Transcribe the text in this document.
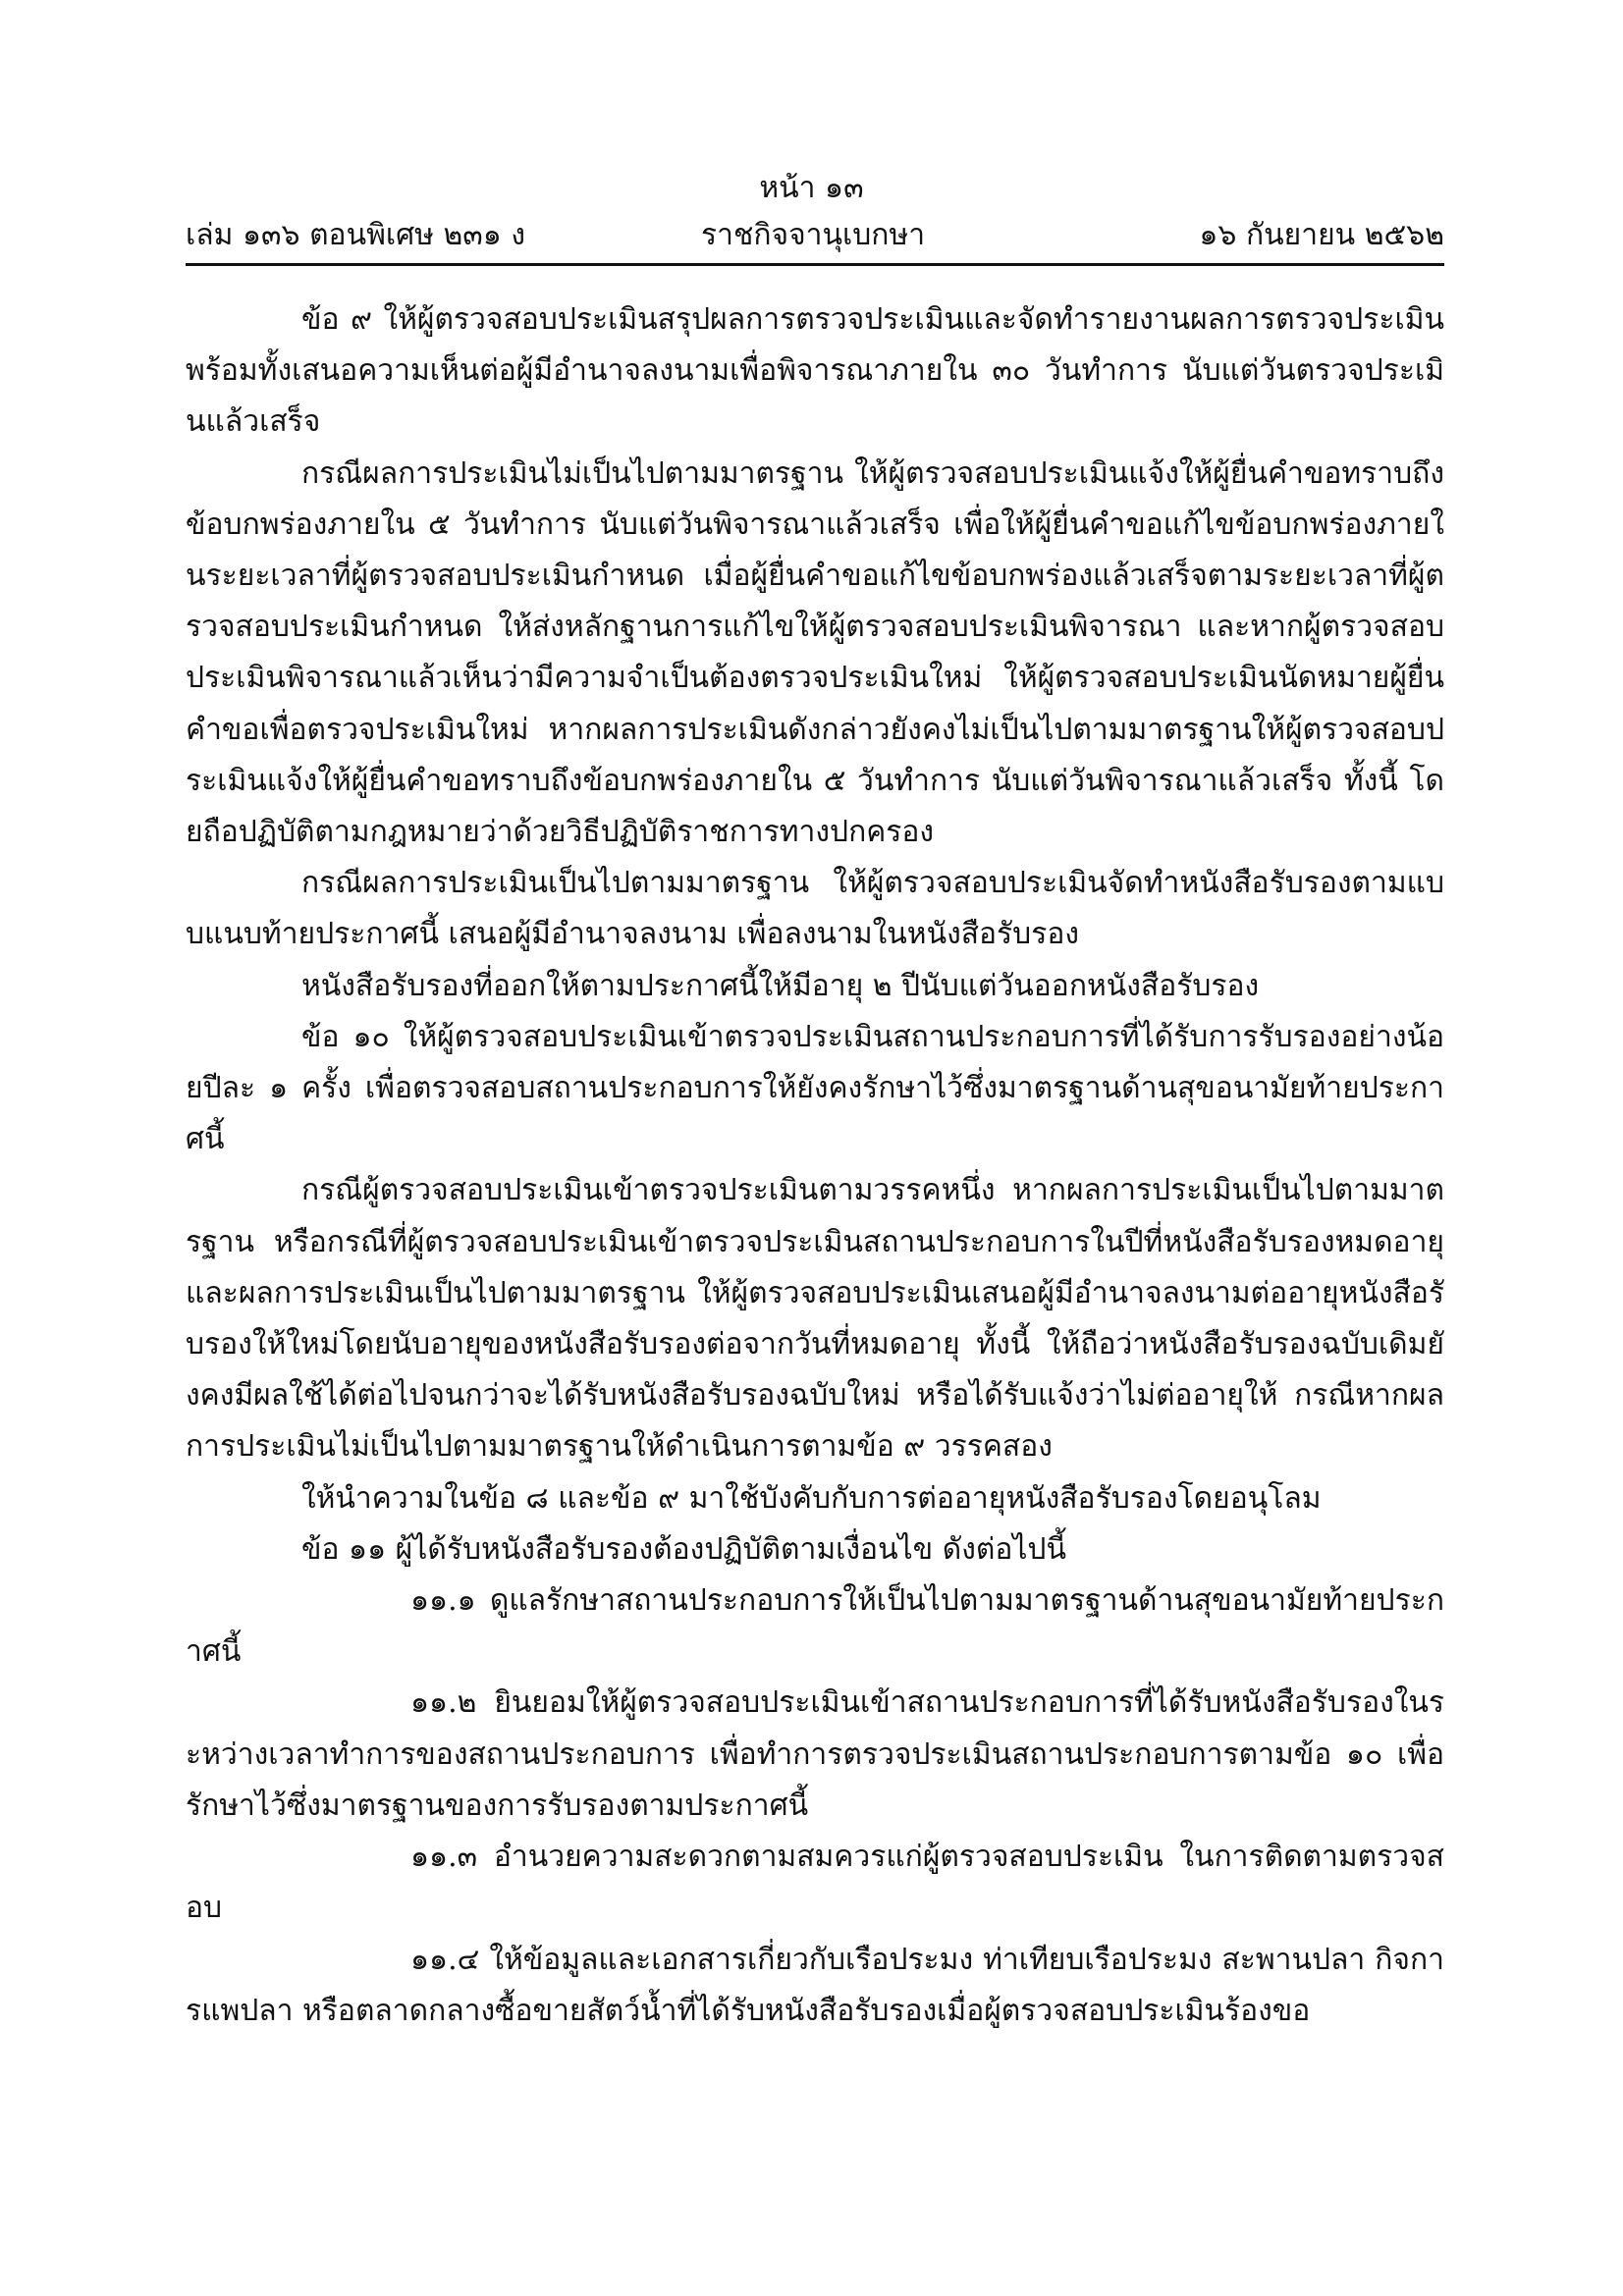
หน้า ๑๓
เล่ม ๑๓๖ ตอนพิเศษ ๒๓๑ ง	ราชกิจจานุเบกษา	๑๖ กันยายน ๒๕๖๒

ข้อ ๙ ให้ผู้ตรวจสอบประเมินสรุปผลการตรวจประเมินและจัดทำรายงานผลการตรวจประเมิน พร้อมทั้งเสนอความเห็นต่อผู้มีอำนาจลงนามเพื่อพิจารณาภายใน ๓๐ วันทำการ นับแต่วันตรวจประเมินแล้วเสร็จ

กรณีผลการประเมินไม่เป็นไปตามมาตรฐาน ให้ผู้ตรวจสอบประเมินแจ้งให้ผู้ยื่นคำขอทราบถึงข้อบกพร่องภายใน ๕ วันทำการ นับแต่วันพิจารณาแล้วเสร็จ เพื่อให้ผู้ยื่นคำขอแก้ไขข้อบกพร่องภายในระยะเวลาที่ผู้ตรวจสอบประเมินกำหนด เมื่อผู้ยื่นคำขอแก้ไขข้อบกพร่องแล้วเสร็จตามระยะเวลาที่ผู้ตรวจสอบประเมินกำหนด ให้ส่งหลักฐานการแก้ไขให้ผู้ตรวจสอบประเมินพิจารณา และหากผู้ตรวจสอบประเมินพิจารณาแล้วเห็นว่ามีความจำเป็นต้องตรวจประเมินใหม่ ให้ผู้ตรวจสอบประเมินนัดหมายผู้ยื่นคำขอเพื่อตรวจประเมินใหม่ หากผลการประเมินดังกล่าวยังคงไม่เป็นไปตามมาตรฐานให้ผู้ตรวจสอบประเมินแจ้งให้ผู้ยื่นคำขอทราบถึงข้อบกพร่องภายใน ๕ วันทำการ นับแต่วันพิจารณาแล้วเสร็จ ทั้งนี้ โดยถือปฏิบัติตามกฎหมายว่าด้วยวิธีปฏิบัติราชการทางปกครอง

กรณีผลการประเมินเป็นไปตามมาตรฐาน ให้ผู้ตรวจสอบประเมินจัดทำหนังสือรับรองตามแบบแนบท้ายประกาศนี้ เสนอผู้มีอำนาจลงนาม เพื่อลงนามในหนังสือรับรอง

หนังสือรับรองที่ออกให้ตามประกาศนี้ให้มีอายุ ๒ ปีนับแต่วันออกหนังสือรับรอง

ข้อ ๑๐ ให้ผู้ตรวจสอบประเมินเข้าตรวจประเมินสถานประกอบการที่ได้รับการรับรองอย่างน้อยปีละ ๑ ครั้ง เพื่อตรวจสอบสถานประกอบการให้ยังคงรักษาไว้ซึ่งมาตรฐานด้านสุขอนามัยท้ายประกาศนี้

กรณีผู้ตรวจสอบประเมินเข้าตรวจประเมินตามวรรคหนึ่ง หากผลการประเมินเป็นไปตามมาตรฐาน หรือกรณีที่ผู้ตรวจสอบประเมินเข้าตรวจประเมินสถานประกอบการในปีที่หนังสือรับรองหมดอายุและผลการประเมินเป็นไปตามมาตรฐาน ให้ผู้ตรวจสอบประเมินเสนอผู้มีอำนาจลงนามต่ออายุหนังสือรับรองให้ใหม่โดยนับอายุของหนังสือรับรองต่อจากวันที่หมดอายุ ทั้งนี้ ให้ถือว่าหนังสือรับรองฉบับเดิมยังคงมีผลใช้ได้ต่อไปจนกว่าจะได้รับหนังสือรับรองฉบับใหม่ หรือได้รับแจ้งว่าไม่ต่ออายุให้ กรณีหากผลการประเมินไม่เป็นไปตามมาตรฐานให้ดำเนินการตามข้อ ๙ วรรคสอง

ให้นำความในข้อ ๘ และข้อ ๙ มาใช้บังคับกับการต่ออายุหนังสือรับรองโดยอนุโลม

ข้อ ๑๑ ผู้ได้รับหนังสือรับรองต้องปฏิบัติตามเงื่อนไข ดังต่อไปนี้

๑๑.๑ ดูแลรักษาสถานประกอบการให้เป็นไปตามมาตรฐานด้านสุขอนามัยท้ายประกาศนี้

๑๑.๒ ยินยอมให้ผู้ตรวจสอบประเมินเข้าสถานประกอบการที่ได้รับหนังสือรับรองในระหว่างเวลาทำการของสถานประกอบการ เพื่อทำการตรวจประเมินสถานประกอบการตามข้อ ๑๐ เพื่อรักษาไว้ซึ่งมาตรฐานของการรับรองตามประกาศนี้

๑๑.๓ อำนวยความสะดวกตามสมควรแก่ผู้ตรวจสอบประเมิน ในการติดตามตรวจสอบ

๑๑.๔ ให้ข้อมูลและเอกสารเกี่ยวกับเรือประมง ท่าเทียบเรือประมง สะพานปลา กิจการแพปลา หรือตลาดกลางซื้อขายสัตว์น้ำที่ได้รับหนังสือรับรองเมื่อผู้ตรวจสอบประเมินร้องขอ
